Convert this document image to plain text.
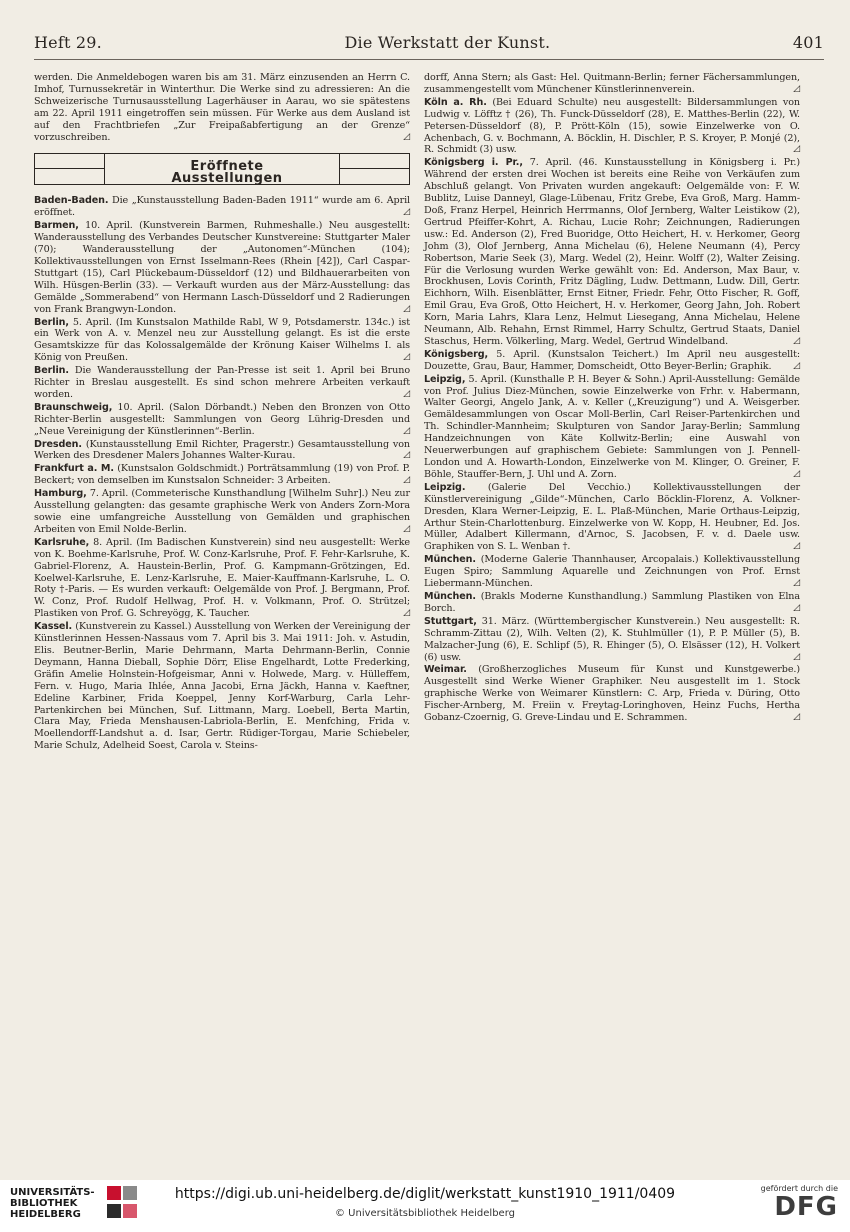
Heft 29.	Die Werkstatt der Kunst.	401

werden. Die Anmeldebogen waren bis am 31. März einzusenden an Herrn C. Imhof, Turnussekretär in Winterthur. Die Werke sind zu adressieren: An die Schweizerische Turnusausstellung Lagerhäuser in Aarau, wo sie spätestens am 22. April 1911 eingetroffen sein müssen. Für Werke aus dem Ausland ist auf den Frachtbriefen „Zur Freipaßabfertigung an der Grenze“ vorzuschreiben.	◿

Eröffnete Ausstellungen

Baden-Baden. Die „Kunstausstellung Baden-Baden 1911“ wurde am 6. April eröffnet.	◿

Barmen, 10. April. (Kunstverein Barmen, Ruhmeshalle.) Neu ausgestellt: Wanderausstellung des Verbandes Deutscher Kunstvereine: Stuttgarter Maler (70); Wanderausstellung der „Autonomen“-München (104); Kollektivausstellungen von Ernst Isselmann-Rees (Rhein [42]), Carl Caspar-Stuttgart (15), Carl Plückebaum-Düsseldorf (12) und Bildhauerarbeiten von Wilh. Hüsgen-Berlin (33). — Verkauft wurden aus der März-Ausstellung: das Gemälde „Sommerabend“ von Hermann Lasch-Düsseldorf und 2 Radierungen von Frank Brangwyn-London.	◿

Berlin, 5. April. (Im Kunstsalon Mathilde Rabl, W 9, Potsdamerstr. 134c.) ist ein Werk von A. v. Menzel neu zur Ausstellung gelangt. Es ist die erste Gesamtskizze für das Kolossalgemälde der Krönung Kaiser Wilhelms I. als König von Preußen.	◿

Berlin. Die Wanderausstellung der Pan-Presse ist seit 1. April bei Bruno Richter in Breslau ausgestellt. Es sind schon mehrere Arbeiten verkauft worden.	◿

Braunschweig, 10. April. (Salon Dörbandt.) Neben den Bronzen von Otto Richter-Berlin ausgestellt: Sammlungen von Georg Lührig-Dresden und „Neue Vereinigung der Künstlerinnen“-Berlin.	◿

Dresden. (Kunstausstellung Emil Richter, Pragerstr.) Gesamtausstellung von Werken des Dresdener Malers Johannes Walter-Kurau.	◿

Frankfurt a. M. (Kunstsalon Goldschmidt.) Porträtsammlung (19) von Prof. P. Beckert; von demselben im Kunstsalon Schneider: 3 Arbeiten.	◿

Hamburg, 7. April. (Commeterische Kunsthandlung [Wilhelm Suhr].) Neu zur Ausstellung gelangten: das gesamte graphische Werk von Anders Zorn-Mora sowie eine umfangreiche Ausstellung von Gemälden und graphischen Arbeiten von Emil Nolde-Berlin.	◿

Karlsruhe, 8. April. (Im Badischen Kunstverein) sind neu ausgestellt: Werke von K. Boehme-Karlsruhe, Prof. W. Conz-Karlsruhe, Prof. F. Fehr-Karlsruhe, K. Gabriel-Florenz, A. Haustein-Berlin, Prof. G. Kampmann-Grötzingen, Ed. Koelwel-Karlsruhe, E. Lenz-Karlsruhe, E. Maier-Kauffmann-Karlsruhe, L. O. Roty †-Paris. — Es wurden verkauft: Oelgemälde von Prof. J. Bergmann, Prof. W. Conz, Prof. Rudolf Hellwag, Prof. H. v. Volkmann, Prof. O. Strützel; Plastiken von Prof. G. Schreyögg, K. Taucher.	◿

Kassel. (Kunstverein zu Kassel.) Ausstellung von Werken der Vereinigung der Künstlerinnen Hessen-Nassaus vom 7. April bis 3. Mai 1911: Joh. v. Astudin, Elis. Beutner-Berlin, Marie Dehrmann, Marta Dehrmann-Berlin, Connie Deymann, Hanna Dieball, Sophie Dörr, Elise Engelhardt, Lotte Frederking, Gräfin Amelie Holnstein-Hofgeismar, Anni v. Holwede, Marg. v. Hülleffem, Fern. v. Hugo, Maria Ihlée, Anna Jacobi, Erna Jäckh, Hanna v. Kaeftner, Edeline Karbiner, Frida Koeppel, Jenny Korf-Warburg, Carla Lehr-Partenkirchen bei München, Suf. Littmann, Marg. Loebell, Berta Martin, Clara May, Frieda Menshausen-Labriola-Berlin, E. Menfching, Frida v. Moellendorff-Landshut a. d. Isar, Gertr. Rüdiger-Torgau, Marie Schiebeler, Marie Schulz, Adelheid Soest, Carola v. Steins-

dorff, Anna Stern; als Gast: Hel. Quitmann-Berlin; ferner Fächersammlungen, zusammengestellt vom Münchener Künstlerinnenverein.	◿

Köln a. Rh. (Bei Eduard Schulte) neu ausgestellt: Bildersammlungen von Ludwig v. Löfftz † (26), Th. Funck-Düsseldorf (28), E. Matthes-Berlin (22), W. Petersen-Düsseldorf (8), P. Prött-Köln (15), sowie Einzelwerke von O. Achenbach, G. v. Bochmann, A. Böcklin, H. Dischler, P. S. Kroyer, P. Monjé (2), R. Schmidt (3) usw.	◿

Königsberg i. Pr., 7. April. (46. Kunstausstellung in Königsberg i. Pr.) Während der ersten drei Wochen ist bereits eine Reihe von Verkäufen zum Abschluß gelangt. Von Privaten wurden angekauft: Oelgemälde von: F. W. Bublitz, Luise Danneyl, Glage-Lübenau, Fritz Grebe, Eva Groß, Marg. Hamm-Doß, Franz Herpel, Heinrich Herrmanns, Olof Jernberg, Walter Leistikow (2), Gertrud Pfeiffer-Kohrt, A. Richau, Lucie Rohr; Zeichnungen, Radierungen usw.: Ed. Anderson (2), Fred Buoridge, Otto Heichert, H. v. Herkomer, Georg Johm (3), Olof Jernberg, Anna Michelau (6), Helene Neumann (4), Percy Robertson, Marie Seek (3), Marg. Wedel (2), Heinr. Wolff (2), Walter Zeising. Für die Verlosung wurden Werke gewählt von: Ed. Anderson, Max Baur, v. Brockhusen, Lovis Corinth, Fritz Dägling, Ludw. Dettmann, Ludw. Dill, Gertr. Eichhorn, Wilh. Eisenblätter, Ernst Eitner, Friedr. Fehr, Otto Fischer, R. Goff, Emil Grau, Eva Groß, Otto Heichert, H. v. Herkomer, Georg Jahn, Joh. Robert Korn, Maria Lahrs, Klara Lenz, Helmut Liesegang, Anna Michelau, Helene Neumann, Alb. Rehahn, Ernst Rimmel, Harry Schultz, Gertrud Staats, Daniel Staschus, Herm. Völkerling, Marg. Wedel, Gertrud Windelband.	◿

Königsberg, 5. April. (Kunstsalon Teichert.) Im April neu ausgestellt: Douzette, Grau, Baur, Hammer, Domscheidt, Otto Beyer-Berlin; Graphik. ◿

Leipzig, 5. April. (Kunsthalle P. H. Beyer & Sohn.) April-Ausstellung: Gemälde von Prof. Julius Diez-München, sowie Einzelwerke von Frhr. v. Habermann, Walter Georgi, Angelo Jank, A. v. Keller („Kreuzigung“) und A. Weisgerber. Gemäldesammlungen von Oscar Moll-Berlin, Carl Reiser-Partenkirchen und Th. Schindler-Mannheim; Skulpturen von Sandor Jaray-Berlin; Sammlung Handzeichnungen von Käte Kollwitz-Berlin; eine Auswahl von Neuerwerbungen auf graphischem Gebiete: Sammlungen von J. Pennell-London und A. Howarth-London, Einzelwerke von M. Klinger, O. Greiner, F. Böhle, Stauffer-Bern, J. Uhl und A. Zorn.	◿

Leipzig. (Galerie Del Vecchio.) Kollektivausstellungen der Künstlervereinigung „Gilde“-München, Carlo Böcklin-Florenz, A. Volkner-Dresden, Klara Werner-Leipzig, E. L. Plaß-München, Marie Orthaus-Leipzig, Arthur Stein-Charlottenburg. Einzelwerke von W. Kopp, H. Heubner, Ed. Jos. Müller, Adalbert Killermann, d'Arnoc, S. Jacobsen, F. v. d. Daele usw. Graphiken von S. L. Wenban †.	◿

München. (Moderne Galerie Thannhauser, Arcopalais.) Kollektivausstellung Eugen Spiro; Sammlung Aquarelle und Zeichnungen von Prof. Ernst Liebermann-München.	◿

München. (Brakls Moderne Kunsthandlung.) Sammlung Plastiken von Elna Borch.	◿

Stuttgart, 31. März. (Württembergischer Kunstverein.) Neu ausgestellt: R. Schramm-Zittau (2), Wilh. Velten (2), K. Stuhlmüller (1), P. P. Müller (5), B. Malzacher-Jung (6), E. Schlipf (5), R. Ehinger (5), O. Elsässer (12), H. Volkert (6) usw.	◿

Weimar. (Großherzogliches Museum für Kunst und Kunstgewerbe.) Ausgestellt sind Werke Wiener Graphiker. Neu ausgestellt im 1. Stock graphische Werke von Weimarer Künstlern: C. Arp, Frieda v. Düring, Otto Fischer-Arnberg, M. Freiin v. Freytag-Loringhoven, Heinz Fuchs, Hertha Gobanz-Czoernig, G. Greve-Lindau und E. Schrammen.	◿

UNIVERSITÄTS-
BIBLIOTHEK
HEIDELBERG
https://digi.ub.uni-heidelberg.de/diglit/werkstatt_kunst1910_1911/0409
© Universitätsbibliothek Heidelberg
gefördert durch die
DFG
